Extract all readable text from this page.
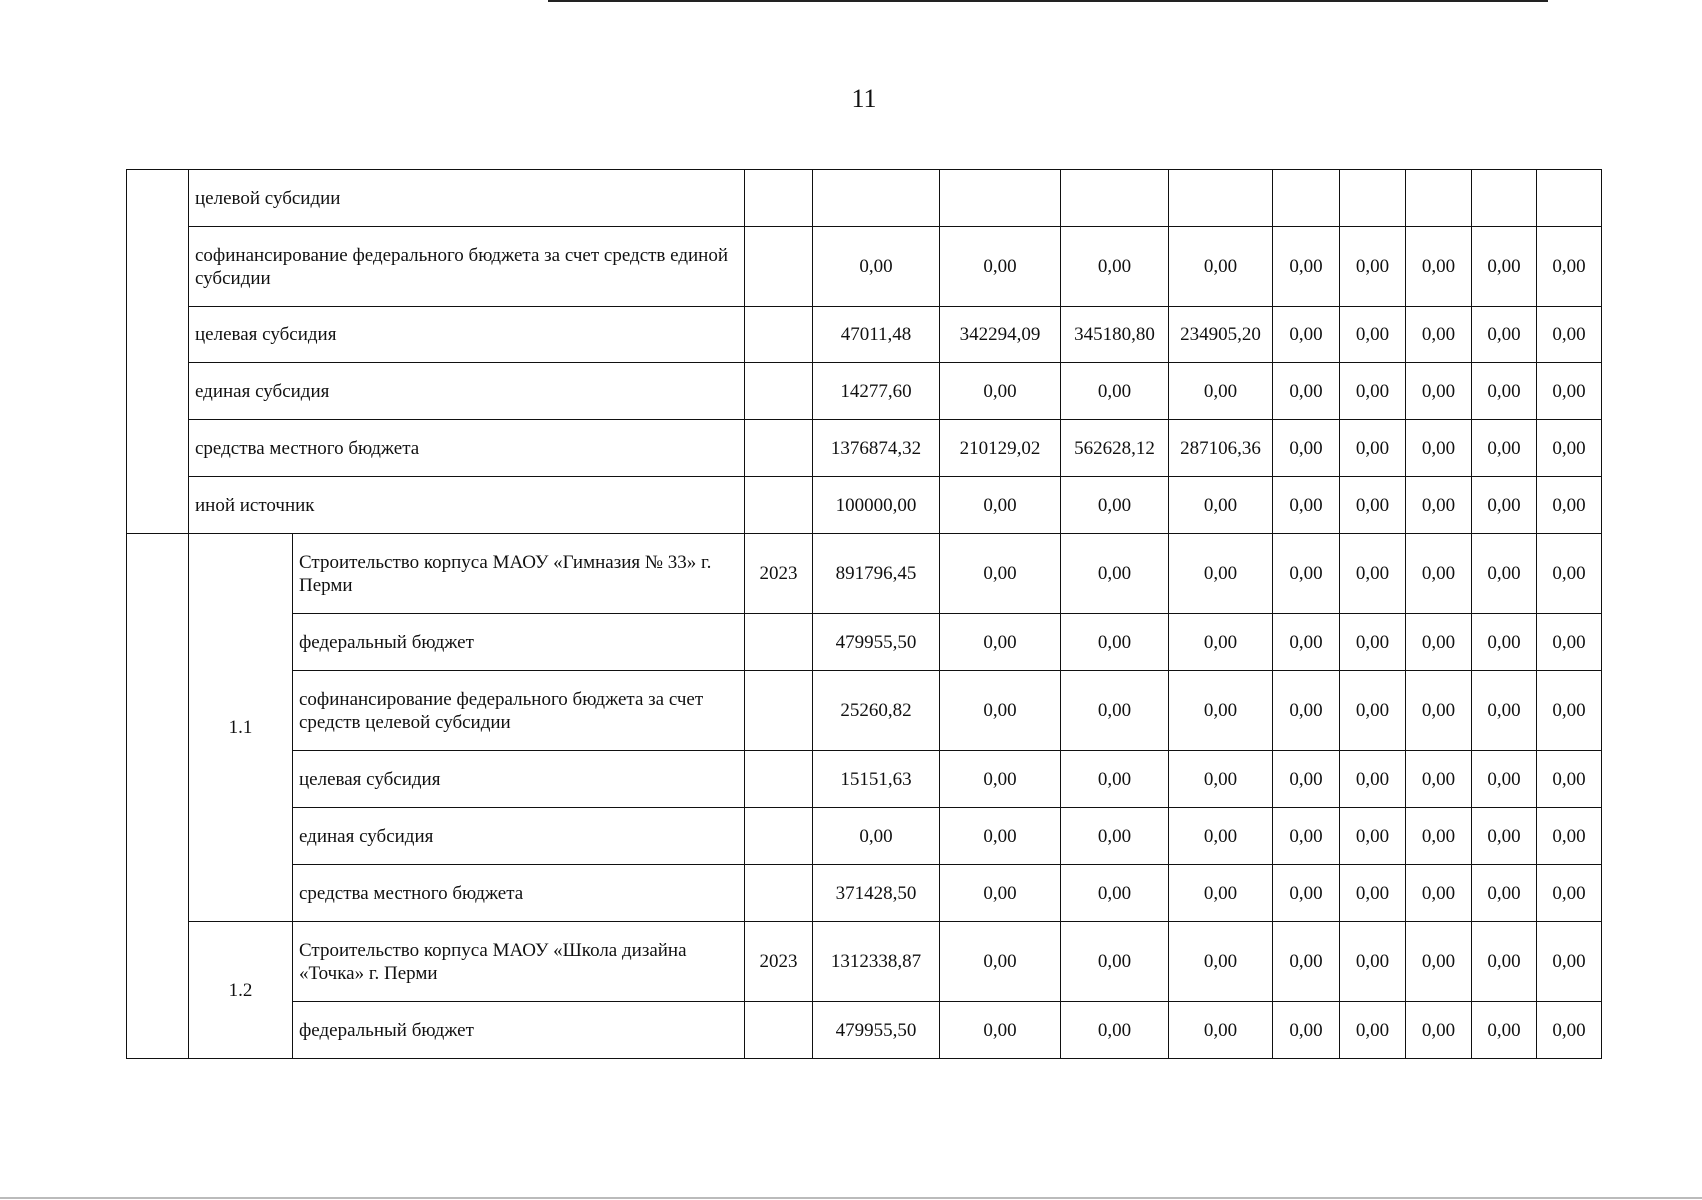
11
	целевой субсидии											
	софинансирование федерального бюджета за счет средств единой субсидии			0,00	0,00	0,00	0,00	0,00	0,00	0,00	0,00	0,00
	целевая субсидия			47011,48	342294,09	345180,80	234905,20	0,00	0,00	0,00	0,00	0,00
	единая субсидия			14277,60	0,00	0,00	0,00	0,00	0,00	0,00	0,00	0,00
	средства местного бюджета			1376874,32	210129,02	562628,12	287106,36	0,00	0,00	0,00	0,00	0,00
	иной источник			100000,00	0,00	0,00	0,00	0,00	0,00	0,00	0,00	0,00
	1.1	Строительство корпуса МАОУ «Гимназия № 33» г. Перми	2023	891796,45	0,00	0,00	0,00	0,00	0,00	0,00	0,00	0,00
		федеральный бюджет		479955,50	0,00	0,00	0,00	0,00	0,00	0,00	0,00	0,00
		софинансирование федерального бюджета за счет средств целевой субсидии		25260,82	0,00	0,00	0,00	0,00	0,00	0,00	0,00	0,00
		целевая субсидия		15151,63	0,00	0,00	0,00	0,00	0,00	0,00	0,00	0,00
		единая субсидия		0,00	0,00	0,00	0,00	0,00	0,00	0,00	0,00	0,00
		средства местного бюджета		371428,50	0,00	0,00	0,00	0,00	0,00	0,00	0,00	0,00
	1.2	Строительство корпуса МАОУ «Школа дизайна «Точка» г. Перми	2023	1312338,87	0,00	0,00	0,00	0,00	0,00	0,00	0,00	0,00
		федеральный бюджет		479955,50	0,00	0,00	0,00	0,00	0,00	0,00	0,00	0,00
